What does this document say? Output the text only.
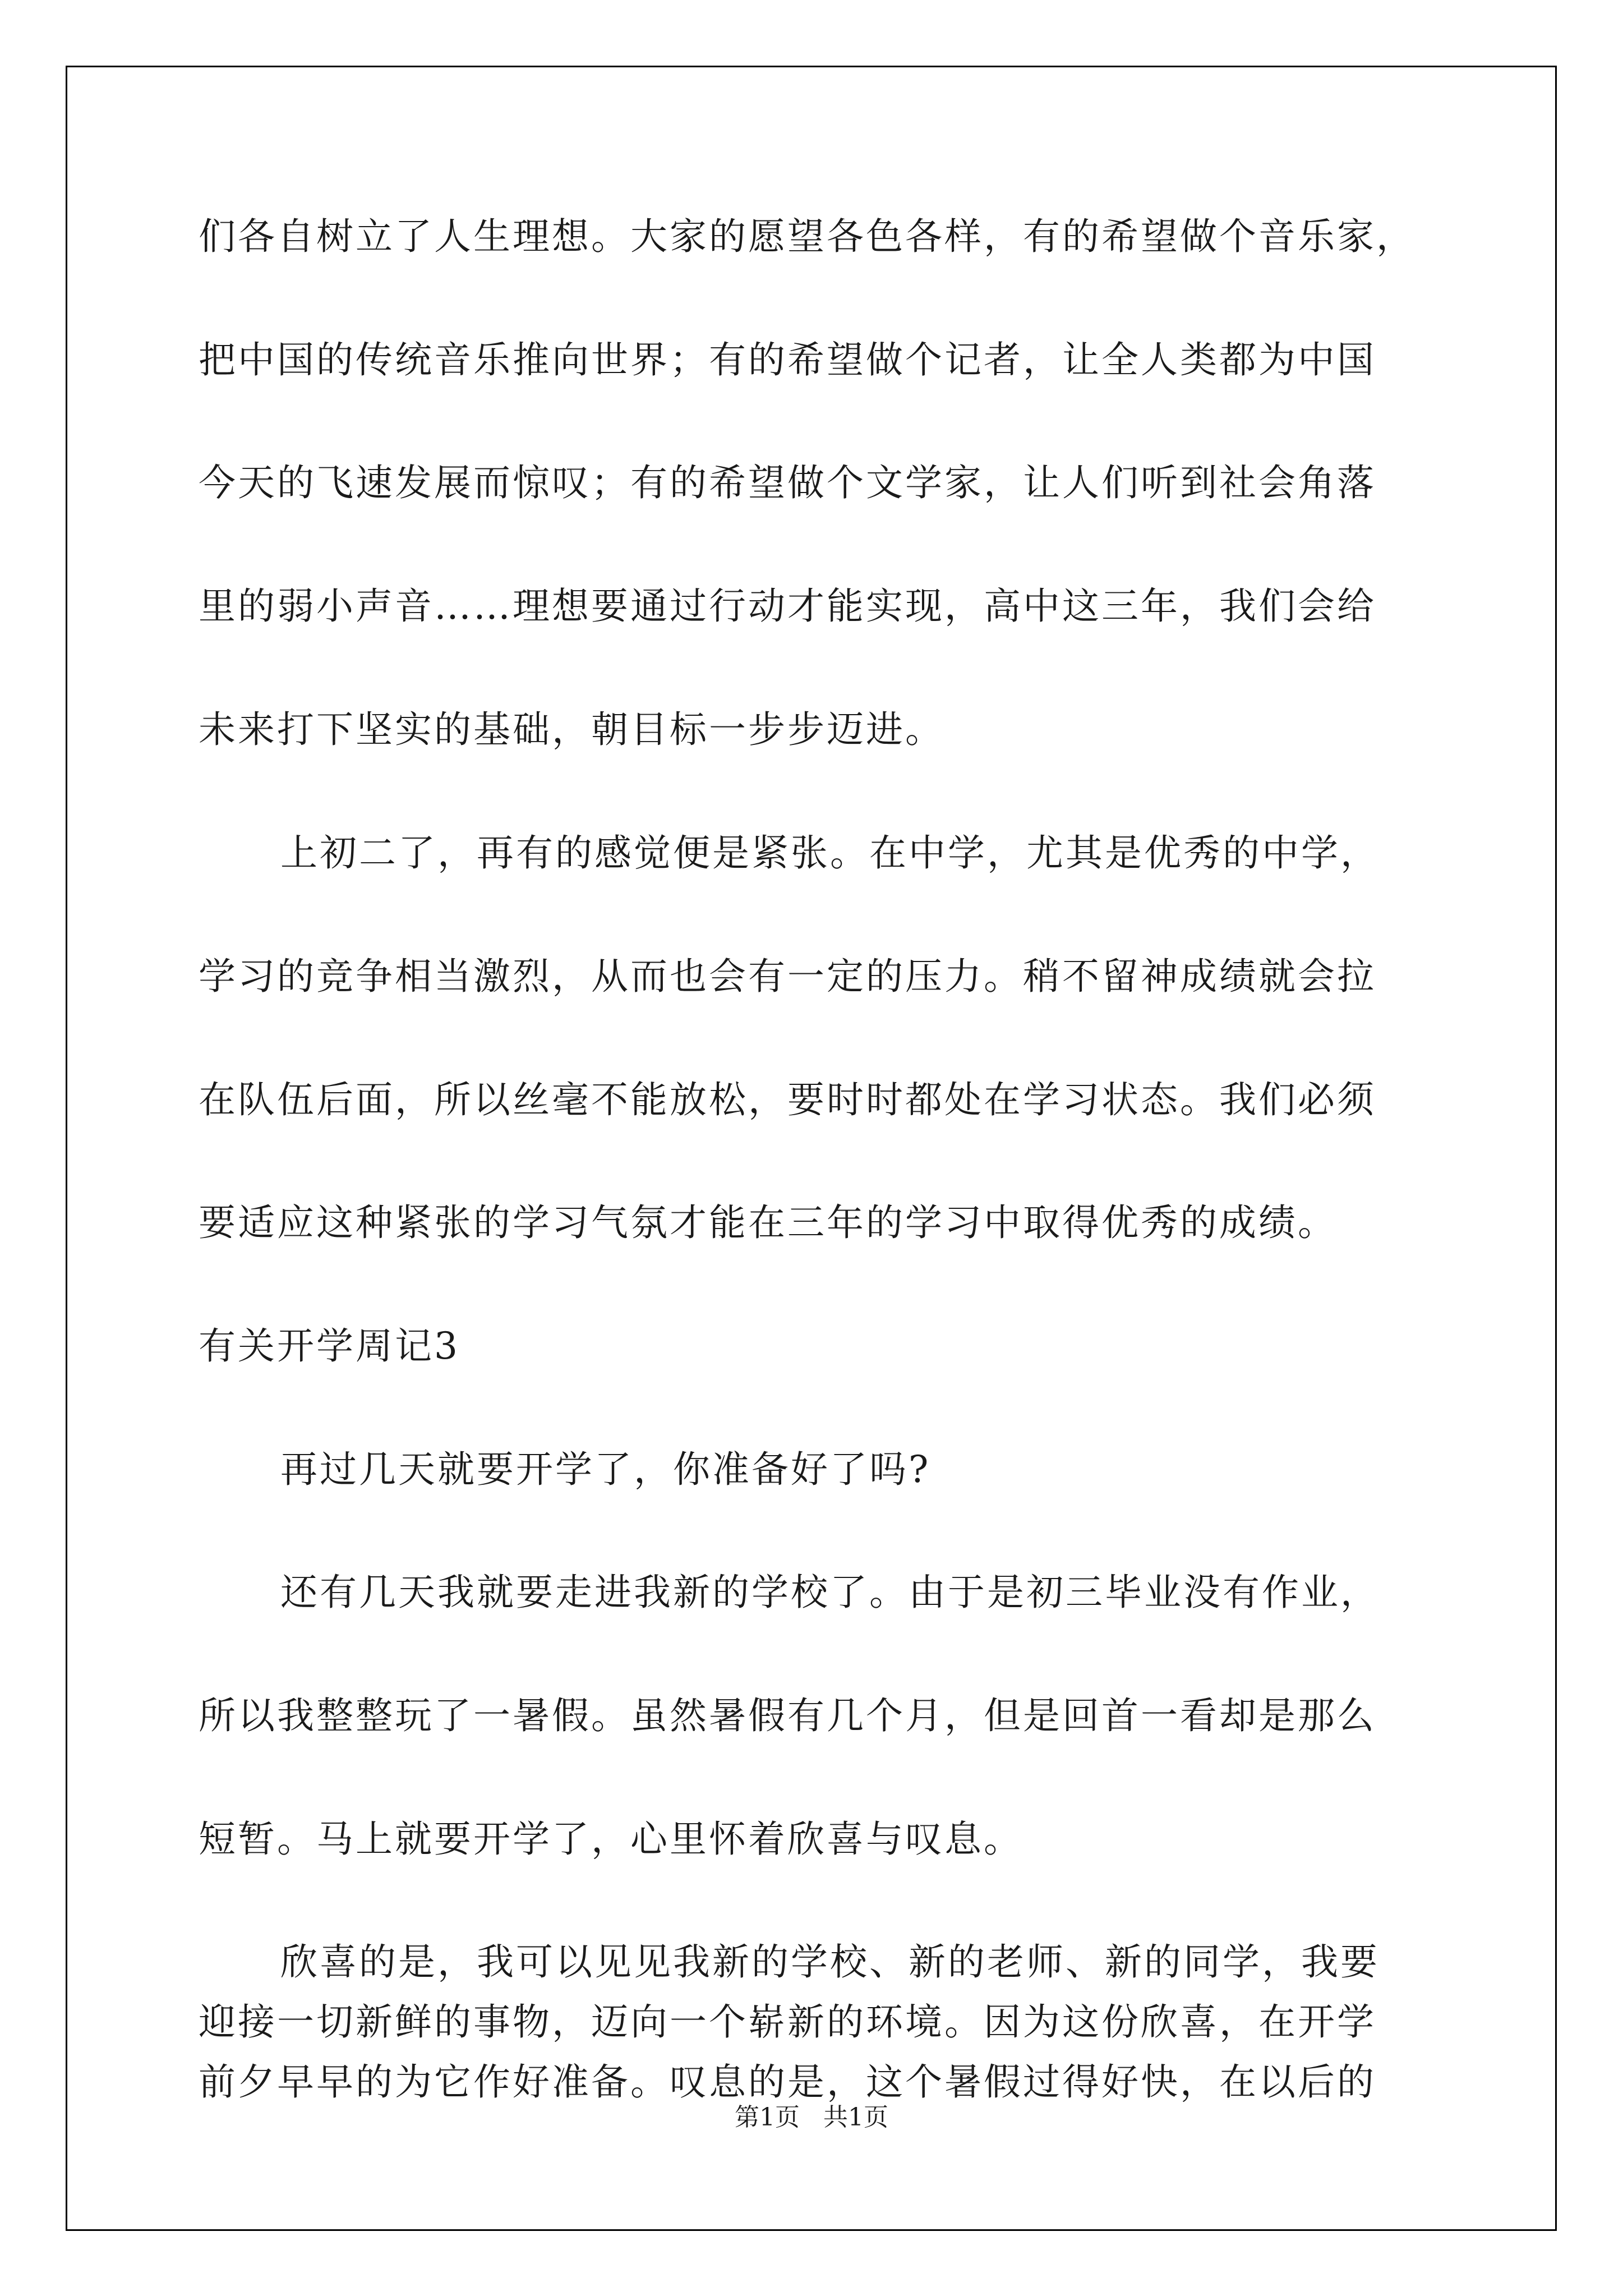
们各自树立了人生理想。大家的愿望各色各样，有的希望做个音乐家，
把中国的传统音乐推向世界；有的希望做个记者，让全人类都为中国
今天的飞速发展而惊叹；有的希望做个文学家，让人们听到社会角落
里的弱小声音……理想要通过行动才能实现，高中这三年，我们会给
未来打下坚实的基础，朝目标一步步迈进。
上初二了，再有的感觉便是紧张。在中学，尤其是优秀的中学，
学习的竞争相当激烈，从而也会有一定的压力。稍不留神成绩就会拉
在队伍后面，所以丝毫不能放松，要时时都处在学习状态。我们必须
要适应这种紧张的学习气氛才能在三年的学习中取得优秀的成绩。
有关开学周记3
再过几天就要开学了，你准备好了吗?
还有几天我就要走进我新的学校了。由于是初三毕业没有作业，
所以我整整玩了一暑假。虽然暑假有几个月，但是回首一看却是那么
短暂。马上就要开学了，心里怀着欣喜与叹息。
欣喜的是，我可以见见我新的学校、新的老师、新的同学，我要
迎接一切新鲜的事物，迈向一个崭新的环境。因为这份欣喜，在开学
前夕早早的为它作好准备。叹息的是，这个暑假过得好快，在以后的
第1页   共1页
